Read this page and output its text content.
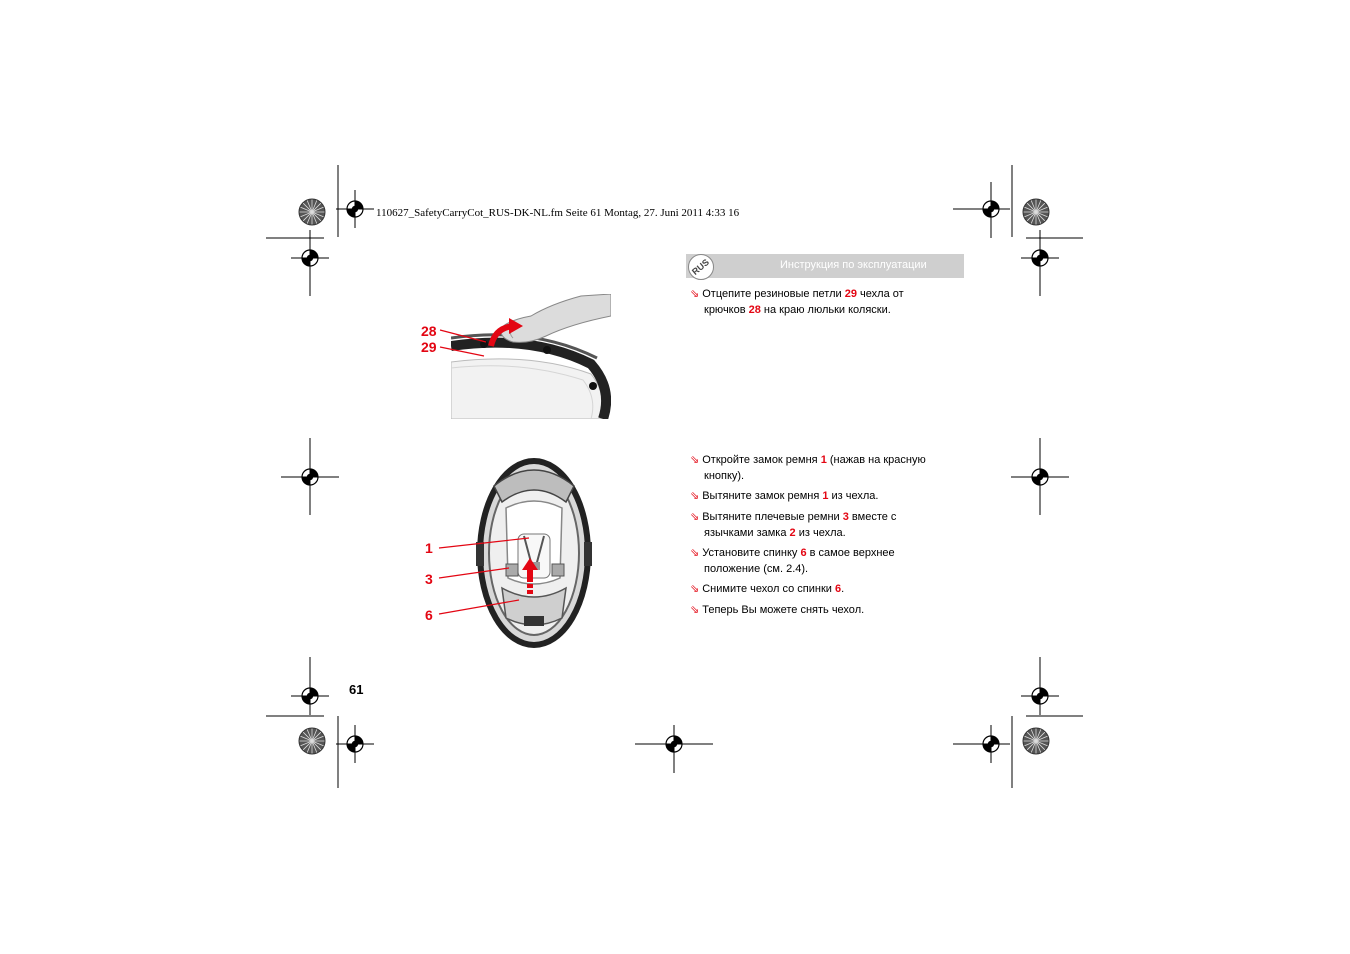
110627_SafetyCarryCot_RUS-DK-NL.fm Seite 61 Montag, 27. Juni 2011 4:33 16
RUS	Инструкция по эксплуатации
28
29
1
3
6
⇘ Отцепите резиновые петли 29 чехла от
крючков 28 на краю люльки коляски.
⇘ Откройте замок ремня 1 (нажав на красную
кнопку).
⇘ Вытяните замок ремня 1 из чехла.
⇘ Вытяните плечевые ремни 3 вместе с
язычками замка 2 из чехла.
⇘ Установите спинку 6 в самое верхнее
положение (см. 2.4).
⇘ Снимите чехол со спинки 6.
⇘ Теперь Вы можете снять чехол.
61
